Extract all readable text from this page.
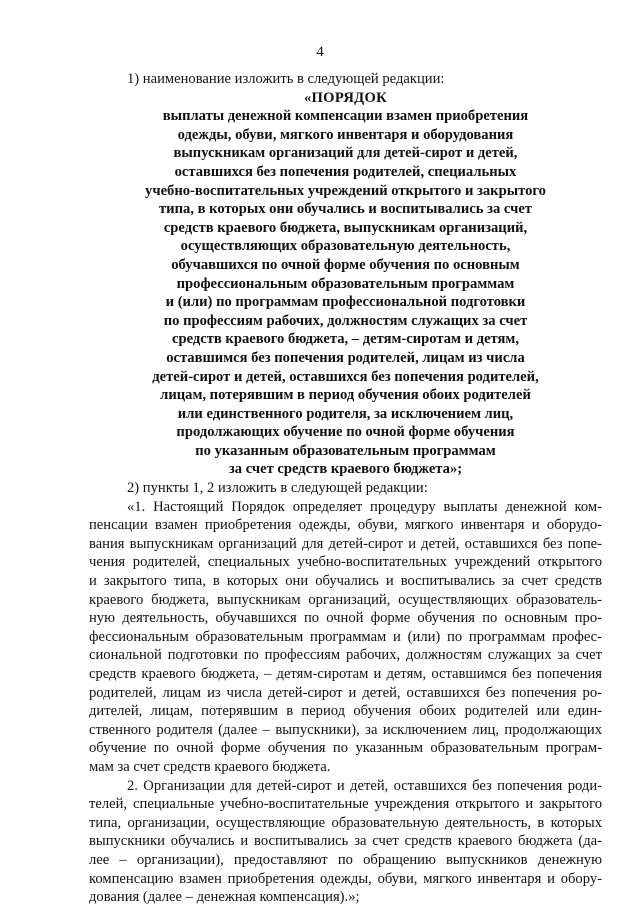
4

1) наименование изложить в следующей редакции:

«ПОРЯДОК
выплаты денежной компенсации взамен приобретения
одежды, обуви, мягкого инвентаря и оборудования
выпускникам организаций для детей-сирот и детей,
оставшихся без попечения родителей, специальных
учебно-воспитательных учреждений открытого и закрытого
типа, в которых они обучались и воспитывались за счет
средств краевого бюджета, выпускникам организаций,
осуществляющих образовательную деятельность,
обучавшихся по очной форме обучения по основным
профессиональным образовательным программам
и (или) по программам профессиональной подготовки
по профессиям рабочих, должностям служащих за счет
средств краевого бюджета, – детям-сиротам и детям,
оставшимся без попечения родителей, лицам из числа
детей-сирот и детей, оставшихся без попечения родителей,
лицам, потерявшим в период обучения обоих родителей
или единственного родителя, за исключением лиц,
продолжающих обучение по очной форме обучения
по указанным образовательным программам
за счет средств краевого бюджета»;

2) пункты 1, 2 изложить в следующей редакции:

«1. Настоящий Порядок определяет процедуру выплаты денежной ком-
пенсации взамен приобретения одежды, обуви, мягкого инвентаря и оборудо-
вания выпускникам организаций для детей-сирот и детей, оставшихся без попе-
чения родителей, специальных учебно-воспитательных учреждений открытого
и закрытого типа, в которых они обучались и воспитывались за счет средств
краевого бюджета, выпускникам организаций, осуществляющих образователь-
ную деятельность, обучавшихся по очной форме обучения по основным про-
фессиональным образовательным программам и (или) по программам профес-
сиональной подготовки по профессиям рабочих, должностям служащих за счет
средств краевого бюджета, – детям-сиротам и детям, оставшимся без попечения
родителей, лицам из числа детей-сирот и детей, оставшихся без попечения ро-
дителей, лицам, потерявшим в период обучения обоих родителей или един-
ственного родителя (далее – выпускники), за исключением лиц, продолжающих
обучение по очной форме обучения по указанным образовательным програм-
мам за счет средств краевого бюджета.
2. Организации для детей-сирот и детей, оставшихся без попечения роди-
телей, специальные учебно-воспитательные учреждения открытого и закрытого
типа, организации, осуществляющие образовательную деятельность, в которых
выпускники обучались и воспитывались за счет средств краевого бюджета (да-
лее – организации), предоставляют по обращению выпускников денежную
компенсацию взамен приобретения одежды, обуви, мягкого инвентаря и обору-
дования (далее – денежная компенсация).»;
